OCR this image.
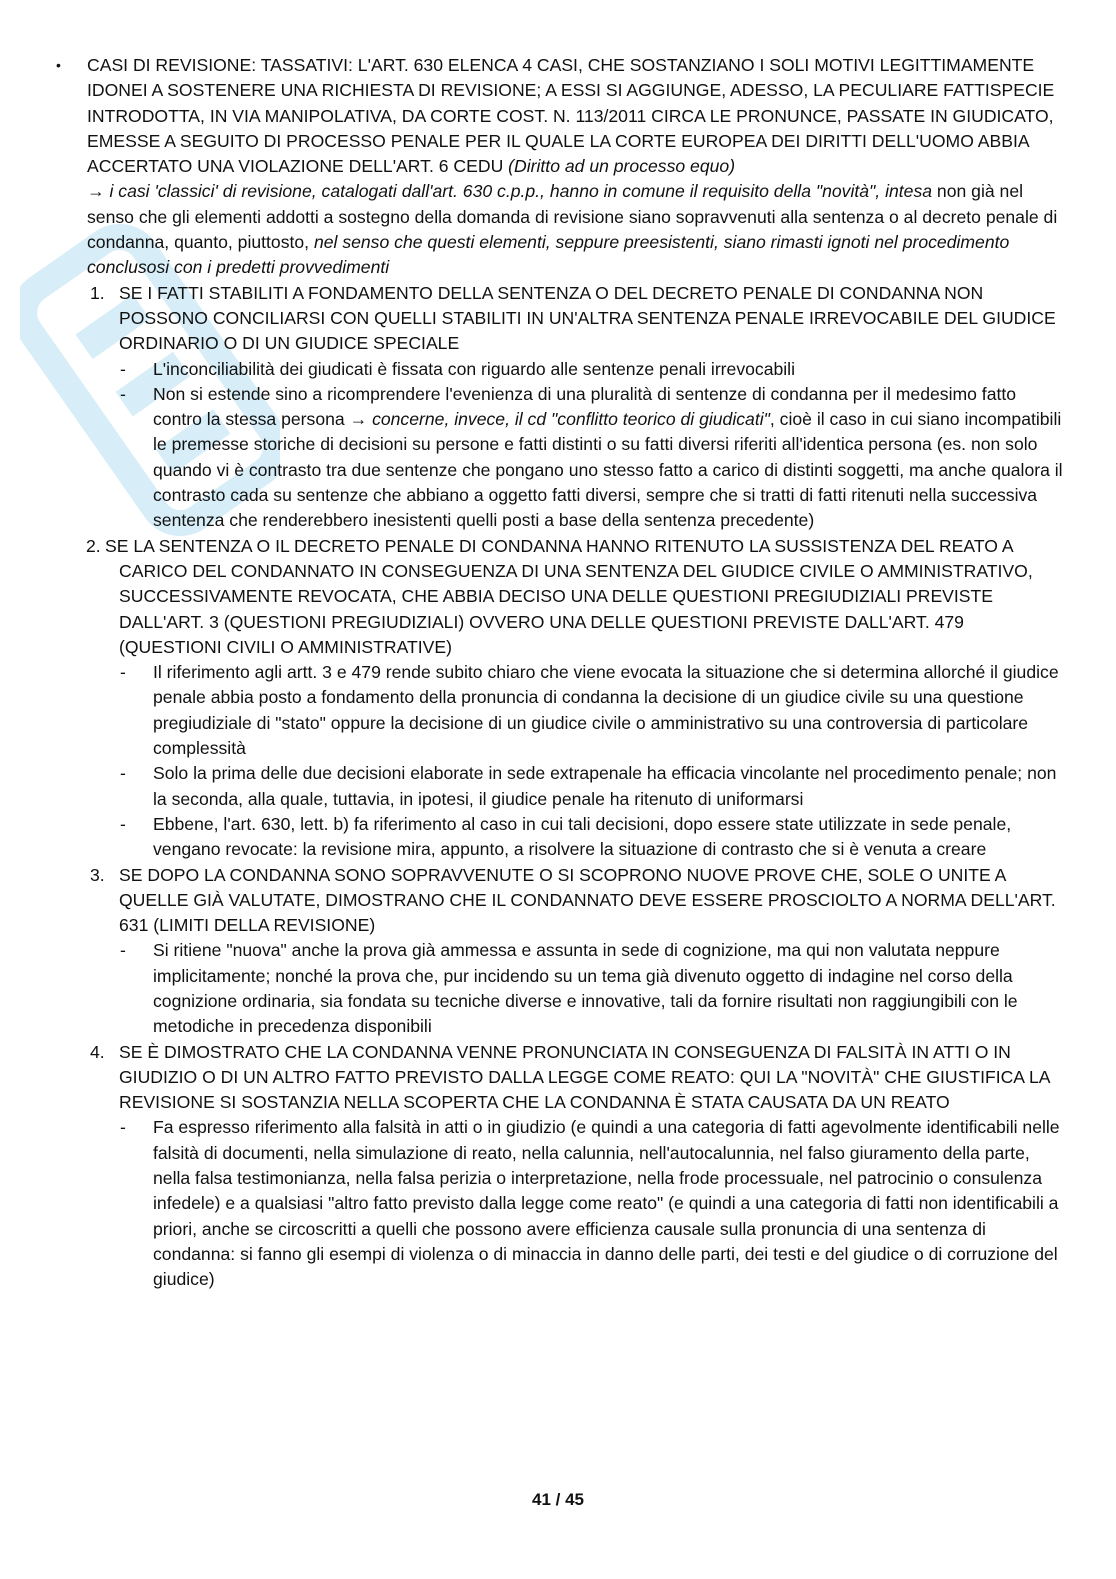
• CASI DI REVISIONE: TASSATIVI: L'ART. 630 ELENCA 4 CASI, CHE SOSTANZIANO I SOLI MOTIVI LEGITTIMAMENTE IDONEI A SOSTENERE UNA RICHIESTA DI REVISIONE; A ESSI SI AGGIUNGE, ADESSO, LA PECULIARE FATTISPECIE INTRODOTTA, IN VIA MANIPOLATIVA, DA CORTE COST. N. 113/2011 CIRCA LE PRONUNCE, PASSATE IN GIUDICATO, EMESSE A SEGUITO DI PROCESSO PENALE PER IL QUALE LA CORTE EUROPEA DEI DIRITTI DELL'UOMO ABBIA ACCERTATO UNA VIOLAZIONE DELL'ART. 6 CEDU (Diritto ad un processo equo)
→ i casi 'classici' di revisione, catalogati dall'art. 630 c.p.p., hanno in comune il requisito della "novità", intesa non già nel senso che gli elementi addotti a sostegno della domanda di revisione siano sopravvenuti alla sentenza o al decreto penale di condanna, quanto, piuttosto, nel senso che questi elementi, seppure preesistenti, siano rimasti ignoti nel procedimento conclusosi con i predetti provvedimenti
1. SE I FATTI STABILITI A FONDAMENTO DELLA SENTENZA O DEL DECRETO PENALE DI CONDANNA NON POSSONO CONCILIARSI CON QUELLI STABILITI IN UN'ALTRA SENTENZA PENALE IRREVOCABILE DEL GIUDICE ORDINARIO O DI UN GIUDICE SPECIALE
- L'inconciliabilità dei giudicati è fissata con riguardo alle sentenze penali irrevocabili
- Non si estende sino a ricomprendere l'evenienza di una pluralità di sentenze di condanna per il medesimo fatto contro la stessa persona → concerne, invece, il cd "conflitto teorico di giudicati", cioè il caso in cui siano incompatibili le premesse storiche di decisioni su persone e fatti distinti o su fatti diversi riferiti all'identica persona (es. non solo quando vi è contrasto tra due sentenze che pongano uno stesso fatto a carico di distinti soggetti, ma anche qualora il contrasto cada su sentenze che abbiano a oggetto fatti diversi, sempre che si tratti di fatti ritenuti nella successiva sentenza che renderebbero inesistenti quelli posti a base della sentenza precedente)
2. SE LA SENTENZA O IL DECRETO PENALE DI CONDANNA HANNO RITENUTO LA SUSSISTENZA DEL REATO A CARICO DEL CONDANNATO IN CONSEGUENZA DI UNA SENTENZA DEL GIUDICE CIVILE O AMMINISTRATIVO, SUCCESSIVAMENTE REVOCATA, CHE ABBIA DECISO UNA DELLE QUESTIONI PREGIUDIZIALI PREVISTE DALL'ART. 3 (QUESTIONI PREGIUDIZIALI) OVVERO UNA DELLE QUESTIONI PREVISTE DALL'ART. 479 (QUESTIONI CIVILI O AMMINISTRATIVE)
- Il riferimento agli artt. 3 e 479 rende subito chiaro che viene evocata la situazione che si determina allorché il giudice penale abbia posto a fondamento della pronuncia di condanna la decisione di un giudice civile su una questione pregiudiziale di "stato" oppure la decisione di un giudice civile o amministrativo su una controversia di particolare complessità
- Solo la prima delle due decisioni elaborate in sede extrapenale ha efficacia vincolante nel procedimento penale; non la seconda, alla quale, tuttavia, in ipotesi, il giudice penale ha ritenuto di uniformarsi
- Ebbene, l'art. 630, lett. b) fa riferimento al caso in cui tali decisioni, dopo essere state utilizzate in sede penale, vengano revocate: la revisione mira, appunto, a risolvere la situazione di contrasto che si è venuta a creare
3. SE DOPO LA CONDANNA SONO SOPRAVVENUTE O SI SCOPRONO NUOVE PROVE CHE, SOLE O UNITE A QUELLE GIÀ VALUTATE, DIMOSTRANO CHE IL CONDANNATO DEVE ESSERE PROSCIOLTO A NORMA DELL'ART. 631 (LIMITI DELLA REVISIONE)
- Si ritiene "nuova" anche la prova già ammessa e assunta in sede di cognizione, ma qui non valutata neppure implicitamente; nonché la prova che, pur incidendo su un tema già divenuto oggetto di indagine nel corso della cognizione ordinaria, sia fondata su tecniche diverse e innovative, tali da fornire risultati non raggiungibili con le metodiche in precedenza disponibili
4. SE È DIMOSTRATO CHE LA CONDANNA VENNE PRONUNCIATA IN CONSEGUENZA DI FALSITÀ IN ATTI O IN GIUDIZIO O DI UN ALTRO FATTO PREVISTO DALLA LEGGE COME REATO: QUI LA "NOVITÀ" CHE GIUSTIFICA LA REVISIONE SI SOSTANZIA NELLA SCOPERTA CHE LA CONDANNA È STATA CAUSATA DA UN REATO
- Fa espresso riferimento alla falsità in atti o in giudizio (e quindi a una categoria di fatti agevolmente identificabili nelle falsità di documenti, nella simulazione di reato, nella calunnia, nell'autocalunnia, nel falso giuramento della parte, nella falsa testimonianza, nella falsa perizia o interpretazione, nella frode processuale, nel patrocinio o consulenza infedele) e a qualsiasi "altro fatto previsto dalla legge come reato" (e quindi a una categoria di fatti non identificabili a priori, anche se circoscritti a quelli che possono avere efficienza causale sulla pronuncia di una sentenza di condanna: si fanno gli esempi di violenza o di minaccia in danno delle parti, dei testi e del giudice o di corruzione del giudice)
41 / 45
